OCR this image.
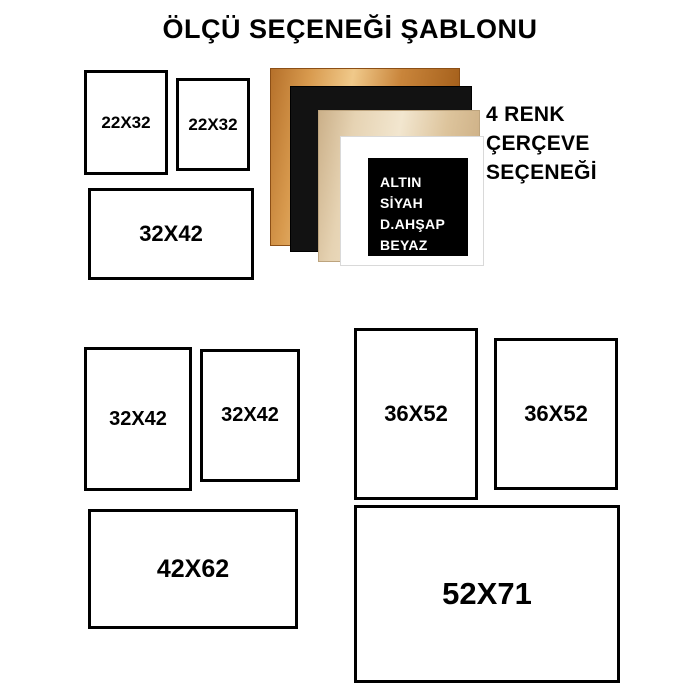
ÖLÇÜ SEÇENEĞİ ŞABLONU
ALTIN
SİYAH
D.AHŞAP
BEYAZ
4 RENK
ÇERÇEVE
SEÇENEĞİ
22X32 22X32
32X42
32X42	32X42	36X52	36X52
42X62
52X71
